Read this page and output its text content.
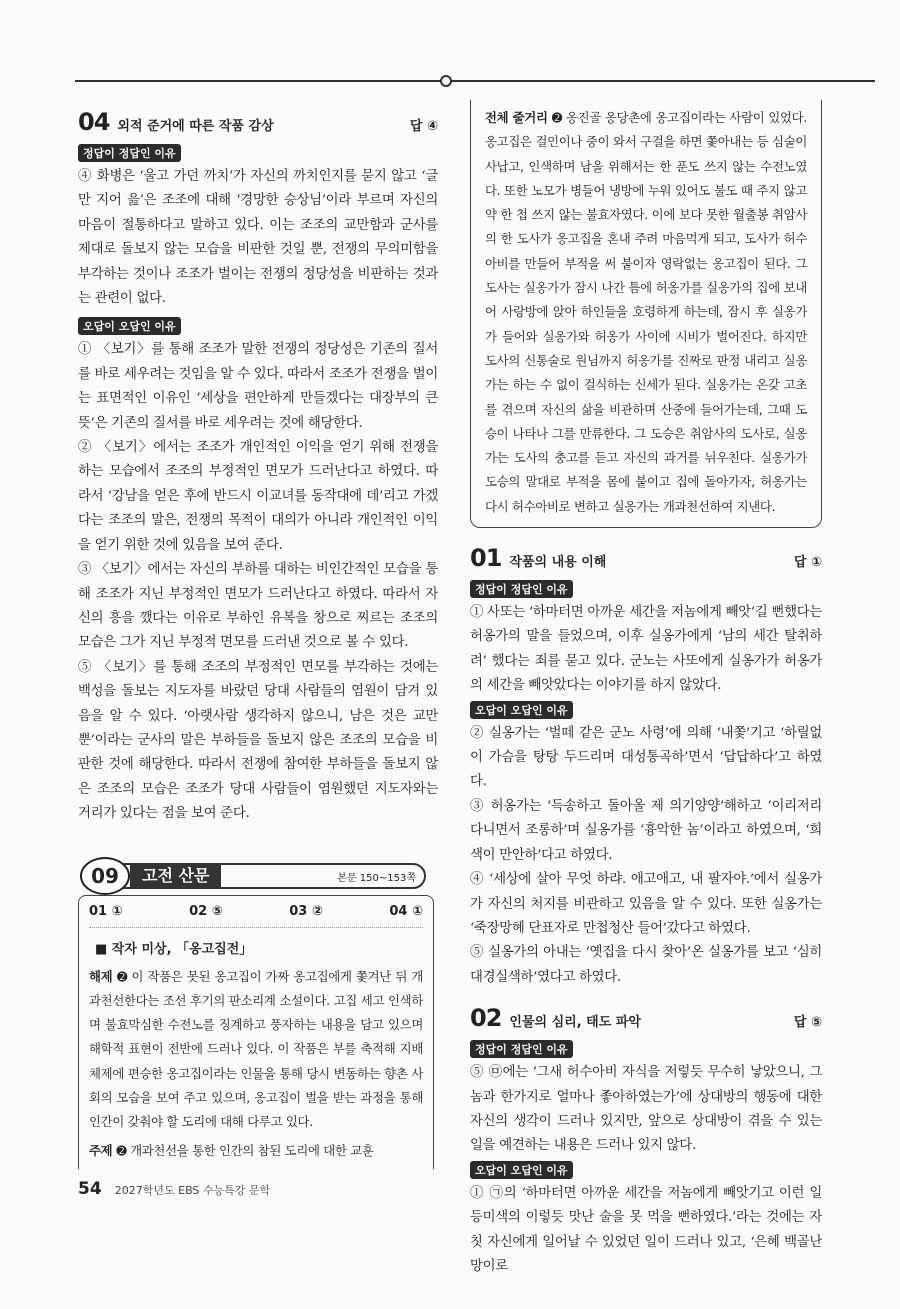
04 외적 준거에 따른 작품 감상	답 ④
정답이 정답인 이유

④ 화병은 ‘울고 가던 까치’가 자신의 까치인지를 묻지 않고 ‘글만 지어 읊’은 조조에 대해 ‘경망한 승상님’이라 부르며 자신의 마음이 절통하다고 말하고 있다. 이는 조조의 교만함과 군사를 제대로 돌보지 않는 모습을 비판한 것일 뿐, 전쟁의 무의미함을 부각하는 것이나 조조가 벌이는 전쟁의 정당성을 비판하는 것과는 관련이 없다.

오답이 오답인 이유

① 〈보기〉를 통해 조조가 말한 전쟁의 정당성은 기존의 질서를 바로 세우려는 것임을 알 수 있다. 따라서 조조가 전쟁을 벌이는 표면적인 이유인 ‘세상을 편안하게 만들겠다는 대장부의 큰 뜻’은 기존의 질서를 바로 세우려는 것에 해당한다.

② 〈보기〉에서는 조조가 개인적인 이익을 얻기 위해 전쟁을 하는 모습에서 조조의 부정적인 면모가 드러난다고 하였다. 따라서 ‘강남을 얻은 후에 반드시 이교녀를 동작대에 데’리고 가겠다는 조조의 말은, 전쟁의 목적이 대의가 아니라 개인적인 이익을 얻기 위한 것에 있음을 보여 준다.

③ 〈보기〉에서는 자신의 부하를 대하는 비인간적인 모습을 통해 조조가 지닌 부정적인 면모가 드러난다고 하였다. 따라서 자신의 흥을 깼다는 이유로 부하인 유복을 창으로 찌르는 조조의 모습은 그가 지닌 부정적 면모를 드러낸 것으로 볼 수 있다.

⑤ 〈보기〉를 통해 조조의 부정적인 면모를 부각하는 것에는 백성을 돌보는 지도자를 바랐던 당대 사람들의 염원이 담겨 있음을 알 수 있다. ‘아랫사람 생각하지 않으니, 남은 것은 교만뿐’이라는 군사의 말은 부하들을 돌보지 않은 조조의 모습을 비판한 것에 해당한다. 따라서 전쟁에 참여한 부하들을 돌보지 않은 조조의 모습은 조조가 당대 사람들이 염원했던 지도자와는 거리가 있다는 점을 보여 준다.

09	고전 산문	본문 150~153쪽
01 ①	02 ⑤	03 ②	04 ①
■ 작자 미상, 「옹고집전」

해제 ➋ 이 작품은 못된 옹고집이 가짜 옹고집에게 쫓겨난 뒤 개과천선한다는 조선 후기의 판소리계 소설이다. 고집 세고 인색하며 불효막심한 수전노를 징계하고 풍자하는 내용을 담고 있으며 해학적 표현이 전반에 드러나 있다. 이 작품은 부를 축적해 지배 체제에 편승한 옹고집이라는 인물을 통해 당시 변동하는 향촌 사회의 모습을 보여 주고 있으며, 옹고집이 벌을 받는 과정을 통해 인간이 갖춰야 할 도리에 대해 다루고 있다.

주제 ➋ 개과천선을 통한 인간의 참된 도리에 대한 교훈

54 2027학년도 EBS 수능특강 문학

전체 줄거리 ➋ 옹진골 옹당촌에 옹고집이라는 사람이 있었다. 옹고집은 걸인이나 중이 와서 구걸을 하면 쫓아내는 등 심술이 사납고, 인색하며 남을 위해서는 한 푼도 쓰지 않는 수전노였다. 또한 노모가 병들어 냉방에 누워 있어도 불도 때 주지 않고 약 한 첩 쓰지 않는 불효자였다. 이에 보다 못한 월출봉 취암사의 한 도사가 옹고집을 혼내 주려 마음먹게 되고, 도사가 허수아비를 만들어 부적을 써 붙이자 영락없는 옹고집이 된다. 그 도사는 실옹가가 잠시 나간 틈에 허옹가를 실옹가의 집에 보내어 사랑방에 앉아 하인들을 호령하게 하는데, 잠시 후 실옹가가 들어와 실옹가와 허옹가 사이에 시비가 벌어진다. 하지만 도사의 신통술로 원님까지 허옹가를 진짜로 판정 내리고 실옹가는 하는 수 없이 걸식하는 신세가 된다. 실옹가는 온갖 고초를 겪으며 자신의 삶을 비관하며 산중에 들어가는데, 그때 도승이 나타나 그를 만류한다. 그 도승은 취암사의 도사로, 실옹가는 도사의 충고를 듣고 자신의 과거를 뉘우친다. 실옹가가 도승의 말대로 부적을 몸에 붙이고 집에 돌아가자, 허옹가는 다시 허수아비로 변하고 실옹가는 개과천선하여 지낸다.

01 작품의 내용 이해	답 ①
정답이 정답인 이유

① 사또는 ‘하마터면 아까운 세간을 저놈에게 빼앗’길 뻔했다는 허옹가의 말을 들었으며, 이후 실옹가에게 ‘남의 세간 탈취하려’ 했다는 죄를 묻고 있다. 군노는 사또에게 실옹가가 허옹가의 세간을 빼앗았다는 이야기를 하지 않았다.

오답이 오답인 이유

② 실옹가는 ‘벌떼 같은 군노 사령’에 의해 ‘내쫓’기고 ‘하릴없이 가슴을 탕탕 두드리며 대성통곡하’면서 ‘답답하다’고 하였다.

③ 허옹가는 ‘득송하고 돌아올 제 의기양양’해하고 ‘이리저리 다니면서 조롱하’며 실옹가를 ‘흉악한 놈’이라고 하였으며, ‘희색이 만안하’다고 하였다.

④ ‘세상에 살아 무엇 하랴. 애고애고, 내 팔자야.’에서 실옹가가 자신의 처지를 비관하고 있음을 알 수 있다. 또한 실옹가는 ‘죽장망혜 단표자로 만첩청산 들어’갔다고 하였다.

⑤ 실옹가의 아내는 ‘옛집을 다시 찾아’온 실옹가를 보고 ‘심히 대경실색하’였다고 하였다.

02 인물의 심리, 태도 파악	답 ⑤
정답이 정답인 이유

⑤ ㉤에는 ‘그새 허수아비 자식을 저렇듯 무수히 낳았으니, 그놈과 한가지로 얼마나 좋아하였는가’에 상대방의 행동에 대한 자신의 생각이 드러나 있지만, 앞으로 상대방이 겪을 수 있는 일을 예견하는 내용은 드러나 있지 않다.

오답이 오답인 이유

① ㉠의 ‘하마터면 아까운 세간을 저놈에게 빼앗기고 이런 일등미색의 이렇듯 맛난 술을 못 먹을 뻔하였다.’라는 것에는 자칫 자신에게 일어날 수 있었던 일이 드러나 있고, ‘은혜 백골난망이로
